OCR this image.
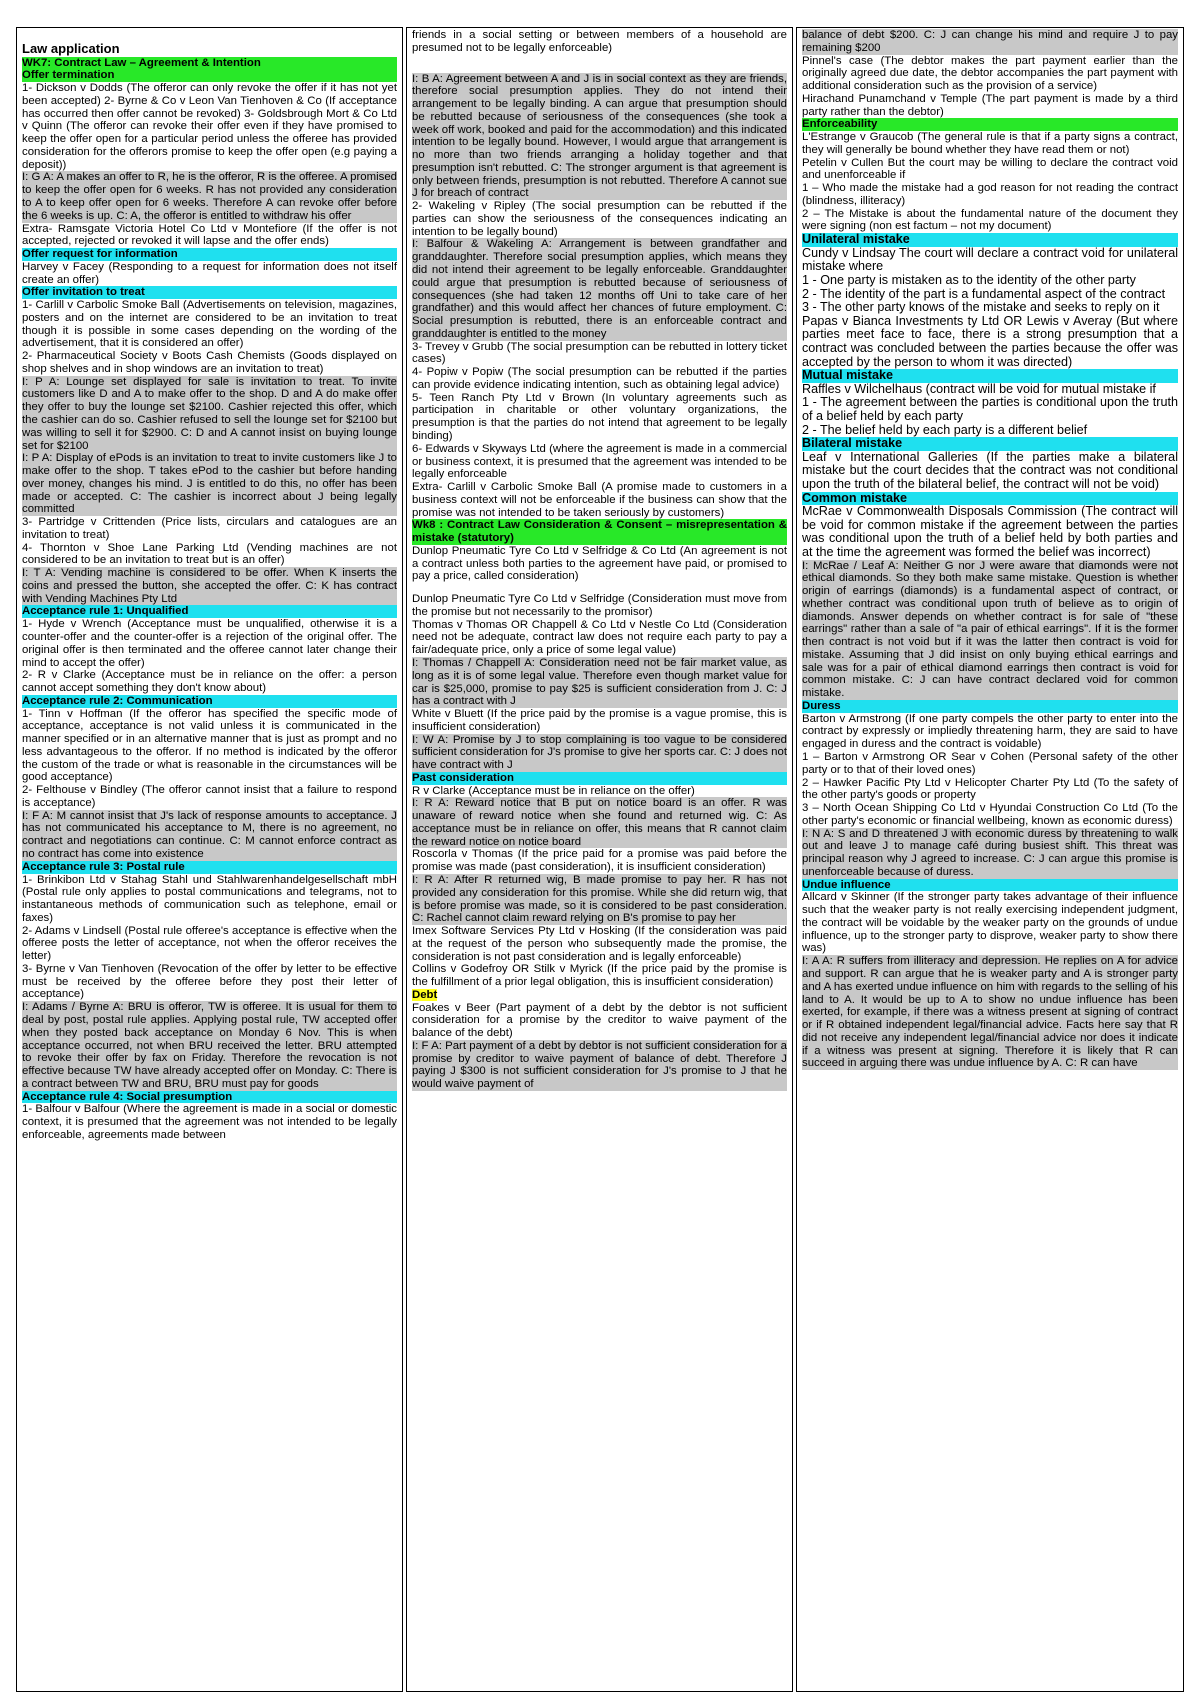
Law application
WK7: Contract Law – Agreement & Intention
Offer termination
1- Dickson v Dodds (The offeror can only revoke the offer if it has not yet been accepted) 2- Byrne & Co v Leon Van Tienhoven & Co (If acceptance has occurred then offer cannot be revoked) 3- Goldsbrough Mort & Co Ltd v Quinn (The offeror can revoke their offer even if they have promised to keep the offer open for a particular period unless the offeree has provided consideration for the offerors promise to keep the offer open (e.g paying a deposit))
I: G A: A makes an offer to R, he is the offeror, R is the offeree. A promised to keep the offer open for 6 weeks. R has not provided any consideration to A to keep offer open for 6 weeks. Therefore A can revoke offer before the 6 weeks is up. C: A, the offeror is entitled to withdraw his offer
Extra- Ramsgate Victoria Hotel Co Ltd v Montefiore (If the offer is not accepted, rejected or revoked it will lapse and the offer ends)
Offer request for information
Harvey v Facey (Responding to a request for information does not itself create an offer)
Offer invitation to treat
1- Carlill v Carbolic Smoke Ball (Advertisements on television, magazines, posters and on the internet are considered to be an invitation to treat though it is possible in some cases depending on the wording of the advertisement, that it is considered an offer)
2- Pharmaceutical Society v Boots Cash Chemists (Goods displayed on shop shelves and in shop windows are an invitation to treat)
I: P A: Lounge set displayed for sale is invitation to treat. To invite customers like D and A to make offer to the shop. D and A do make offer they offer to buy the lounge set $2100. Cashier rejected this offer, which the cashier can do so. Cashier refused to sell the lounge set for $2100 but was willing to sell it for $2900. C: D and A cannot insist on buying lounge set for $2100
I: P A: Display of ePods is an invitation to treat to invite customers like J to make offer to the shop. T takes ePod to the cashier but before handing over money, changes his mind. J is entitled to do this, no offer has been made or accepted. C: The cashier is incorrect about J being legally committed
3- Partridge v Crittenden (Price lists, circulars and catalogues are an invitation to treat)
4- Thornton v Shoe Lane Parking Ltd (Vending machines are not considered to be an invitation to treat but is an offer)
I: T A: Vending machine is considered to be offer. When K inserts the coins and pressed the button, she accepted the offer. C: K has contract with Vending Machines Pty Ltd
Acceptance rule 1: Unqualified
1- Hyde v Wrench (Acceptance must be unqualified, otherwise it is a counter-offer and the counter-offer is a rejection of the original offer. The original offer is then terminated and the offeree cannot later change their mind to accept the offer)
2- R v Clarke (Acceptance must be in reliance on the offer: a person cannot accept something they don't know about)
Acceptance rule 2: Communication
1- Tinn v Hoffman (If the offeror has specified the specific mode of acceptance, acceptance is not valid unless it is communicated in the manner specified or in an alternative manner that is just as prompt and no less advantageous to the offeror. If no method is indicated by the offeror the custom of the trade or what is reasonable in the circumstances will be good acceptance)
2- Felthouse v Bindley (The offeror cannot insist that a failure to respond is acceptance)
I: F A: M cannot insist that J's lack of response amounts to acceptance. J has not communicated his acceptance to M, there is no agreement, no contract and negotiations can continue. C: M cannot enforce contract as no contract has come into existence
Acceptance rule 3: Postal rule
1- Brinkibon Ltd v Stahag Stahl und Stahlwarenhandelgesellschaft mbH (Postal rule only applies to postal communications and telegrams, not to instantaneous methods of communication such as telephone, email or faxes)
2- Adams v Lindsell (Postal rule offeree's acceptance is effective when the offeree posts the letter of acceptance, not when the offeror receives the letter)
3- Byrne v Van Tienhoven (Revocation of the offer by letter to be effective must be received by the offeree before they post their letter of acceptance)
I: Adams / Byrne A: BRU is offeror, TW is offeree. It is usual for them to deal by post, postal rule applies. Applying postal rule, TW accepted offer when they posted back acceptance on Monday 6 Nov. This is when acceptance occurred, not when BRU received the letter. BRU attempted to revoke their offer by fax on Friday. Therefore the revocation is not effective because TW have already accepted offer on Monday. C: There is a contract between TW and BRU, BRU must pay for goods
Acceptance rule 4: Social presumption
1- Balfour v Balfour (Where the agreement is made in a social or domestic context, it is presumed that the agreement was not intended to be legally enforceable, agreements made between
friends in a social setting or between members of a household are presumed not to be legally enforceable)
I: B A: Agreement between A and J is in social context as they are friends, therefore social presumption applies. They do not intend their arrangement to be legally binding. A can argue that presumption should be rebutted because of seriousness of the consequences (she took a week off work, booked and paid for the accommodation) and this indicated intention to be legally bound. However, I would argue that arrangement is no more than two friends arranging a holiday together and that presumption isn't rebutted. C: The stronger argument is that agreement is only between friends, presumption is not rebutted. Therefore A cannot sue J for breach of contract
2- Wakeling v Ripley (The social presumption can be rebutted if the parties can show the seriousness of the consequences indicating an intention to be legally bound)
I: Balfour & Wakeling A: Arrangement is between grandfather and granddaughter. Therefore social presumption applies, which means they did not intend their agreement to be legally enforceable. Granddaughter could argue that presumption is rebutted because of seriousness of consequences (she had taken 12 months off Uni to take care of her grandfather) and this would affect her chances of future employment. C: Social presumption is rebutted, there is an enforceable contract and granddaughter is entitled to the money
3- Trevey v Grubb (The social presumption can be rebutted in lottery ticket cases)
4- Popiw v Popiw (The social presumption can be rebutted if the parties can provide evidence indicating intention, such as obtaining legal advice)
5- Teen Ranch Pty Ltd v Brown (In voluntary agreements such as participation in charitable or other voluntary organizations, the presumption is that the parties do not intend that agreement to be legally binding)
6- Edwards v Skyways Ltd (where the agreement is made in a commercial or business context, it is presumed that the agreement was intended to be legally enforceable
Extra- Carlill v Carbolic Smoke Ball (A promise made to customers in a business context will not be enforceable if the business can show that the promise was not intended to be taken seriously by customers)
Wk8 : Contract Law Consideration & Consent – misrepresentation & mistake (statutory)
Dunlop Pneumatic Tyre Co Ltd v Selfridge & Co Ltd (An agreement is not a contract unless both parties to the agreement have paid, or promised to pay a price, called consideration)
Dunlop Pneumatic Tyre Co Ltd v Selfridge (Consideration must move from the promise but not necessarily to the promisor)
Thomas v Thomas OR Chappell & Co Ltd v Nestle Co Ltd (Consideration need not be adequate, contract law does not require each party to pay a fair/adequate price, only a price of some legal value)
I: Thomas / Chappell A: Consideration need not be fair market value, as long as it is of some legal value. Therefore even though market value for car is $25,000, promise to pay $25 is sufficient consideration from J. C: J has a contract with J
White v Bluett (If the price paid by the promise is a vague promise, this is insufficient consideration)
I: W A: Promise by J to stop complaining is too vague to be considered sufficient consideration for J's promise to give her sports car. C: J does not have contract with J
Past consideration
R v Clarke (Acceptance must be in reliance on the offer)
I: R A: Reward notice that B put on notice board is an offer. R was unaware of reward notice when she found and returned wig. C: As acceptance must be in reliance on offer, this means that R cannot claim the reward notice on notice board
Roscorla v Thomas (If the price paid for a promise was paid before the promise was made (past consideration), it is insufficient consideration)
I: R A: After R returned wig, B made promise to pay her. R has not provided any consideration for this promise. While she did return wig, that is before promise was made, so it is considered to be past consideration. C: Rachel cannot claim reward relying on B's promise to pay her
Imex Software Services Pty Ltd v Hosking (If the consideration was paid at the request of the person who subsequently made the promise, the consideration is not past consideration and is legally enforceable)
Collins v Godefroy OR Stilk v Myrick (If the price paid by the promise is the fulfillment of a prior legal obligation, this is insufficient consideration)
Debt
Foakes v Beer (Part payment of a debt by the debtor is not sufficient consideration for a promise by the creditor to waive payment of the balance of the debt)
I: F A: Part payment of a debt by debtor is not sufficient consideration for a promise by creditor to waive payment of balance of debt. Therefore J paying J $300 is not sufficient consideration for J's promise to J that he would waive payment of
balance of debt $200. C: J can change his mind and require J to pay remaining $200
Pinnel's case (The debtor makes the part payment earlier than the originally agreed due date, the debtor accompanies the part payment with additional consideration such as the provision of a service)
Hirachand Punamchand v Temple (The part payment is made by a third party rather than the debtor)
Enforceability
L'Estrange v Graucob (The general rule is that if a party signs a contract, they will generally be bound whether they have read them or not)
Petelin v Cullen But the court may be willing to declare the contract void and unenforceable if
1 – Who made the mistake had a god reason for not reading the contract (blindness, illiteracy)
2 – The Mistake is about the fundamental nature of the document they were signing (non est factum – not my document)
Unilateral mistake
Cundy v Lindsay The court will declare a contract void for unilateral mistake where
1 - One party is mistaken as to the identity of the other party
2 - The identity of the part is a fundamental aspect of the contract
3 - The other party knows of the mistake and seeks to reply on it
Papas v Bianca Investments ty Ltd OR Lewis v Averay (But where parties meet face to face, there is a strong presumption that a contract was concluded between the parties because the offer was accepted by the person to whom it was directed)
Mutual mistake
Raffles v Wilchelhaus (contract will be void for mutual mistake if
1 - The agreement between the parties is conditional upon the truth of a belief held by each party
2 - The belief held by each party is a different belief
Bilateral mistake
Leaf v International Galleries (If the parties make a bilateral mistake but the court decides that the contract was not conditional upon the truth of the bilateral belief, the contract will not be void)
Common mistake
McRae v Commonwealth Disposals Commission (The contract will be void for common mistake if the agreement between the parties was conditional upon the truth of a belief held by both parties and at the time the agreement was formed the belief was incorrect)
I: McRae / Leaf A: Neither G nor J were aware that diamonds were not ethical diamonds. So they both make same mistake. Question is whether origin of earrings (diamonds) is a fundamental aspect of contract, or whether contract was conditional upon truth of believe as to origin of diamonds. Answer depends on whether contract is for sale of "these earrings" rather than a sale of "a pair of ethical earrings". If it is the former then contract is not void but if it was the latter then contract is void for mistake. Assuming that J did insist on only buying ethical earrings and sale was for a pair of ethical diamond earrings then contract is void for common mistake. C: J can have contract declared void for common mistake.
Duress
Barton v Armstrong (If one party compels the other party to enter into the contract by expressly or impliedly threatening harm, they are said to have engaged in duress and the contract is voidable)
1 – Barton v Armstrong OR Sear v Cohen (Personal safety of the other party or to that of their loved ones)
2 – Hawker Pacific Pty Ltd v Helicopter Charter Pty Ltd (To the safety of the other party's goods or property
3 – North Ocean Shipping Co Ltd v Hyundai Construction Co Ltd (To the other party's economic or financial wellbeing, known as economic duress)
I: N A: S and D threatened J with economic duress by threatening to walk out and leave J to manage café during busiest shift. This threat was principal reason why J agreed to increase. C: J can argue this promise is unenforceable because of duress.
Undue influence
Allcard v Skinner (If the stronger party takes advantage of their influence such that the weaker party is not really exercising independent judgment, the contract will be voidable by the weaker party on the grounds of undue influence, up to the stronger party to disprove, weaker party to show there was)
I: A A: R suffers from illiteracy and depression. He replies on A for advice and support. R can argue that he is weaker party and A is stronger party and A has exerted undue influence on him with regards to the selling of his land to A. It would be up to A to show no undue influence has been exerted, for example, if there was a witness present at signing of contract or if R obtained independent legal/financial advice. Facts here say that R did not receive any independent legal/financial advice nor does it indicate if a witness was present at signing. Therefore it is likely that R can succeed in arguing there was undue influence by A. C: R can have
